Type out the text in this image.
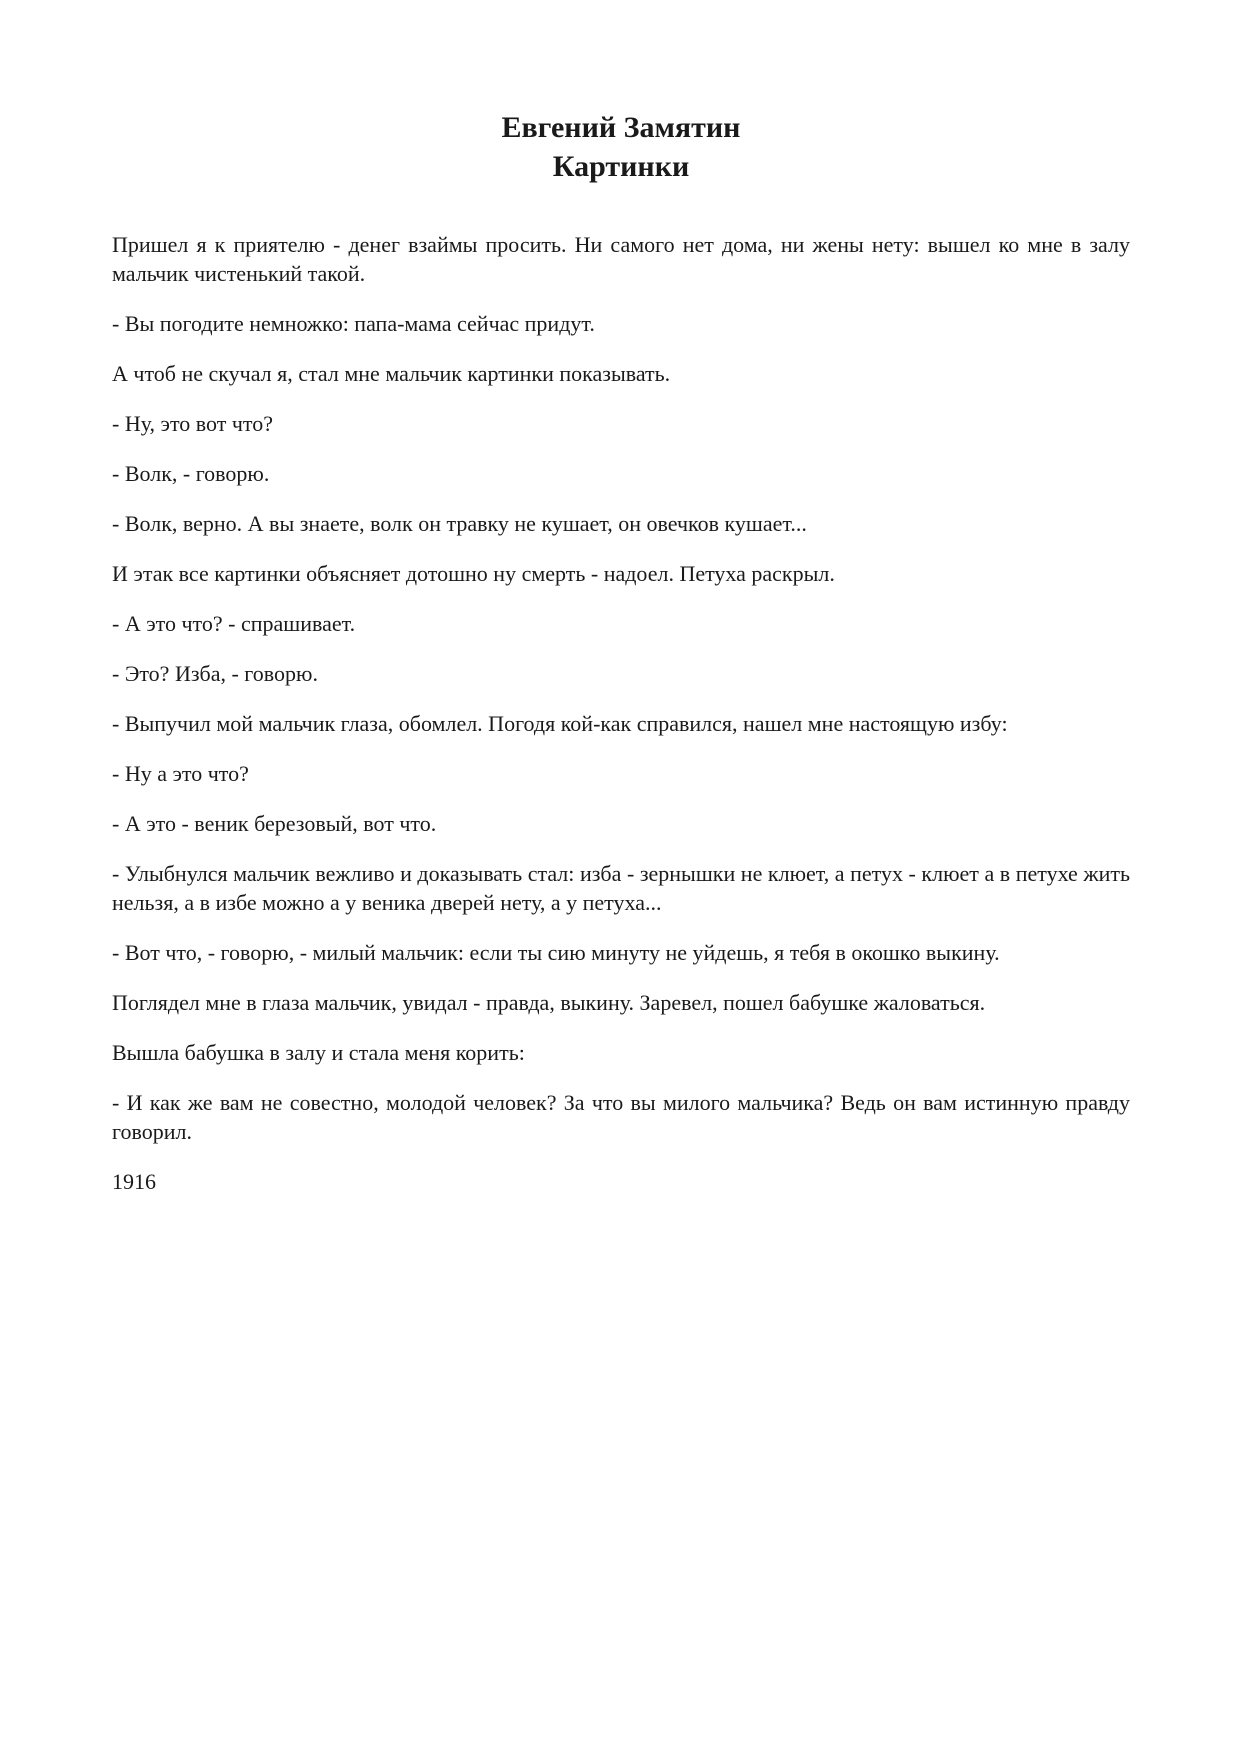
Евгений Замятин
Картинки

Пришел я к приятелю - денег взаймы просить. Ни самого нет дома, ни жены нету: вышел ко мне в залу мальчик чистенький такой.

- Вы погодите немножко: папа-мама сейчас придут.

А чтоб не скучал я, стал мне мальчик картинки показывать.

- Ну, это вот что?

- Волк, - говорю.

- Волк, верно. А вы знаете, волк он травку не кушает, он овечков кушает...

И этак все картинки объясняет дотошно ну смерть - надоел. Петуха раскрыл.

- А это что? - спрашивает.

- Это? Изба, - говорю.

- Выпучил мой мальчик глаза, обомлел. Погодя кой-как справился, нашел мне настоящую избу:

- Ну а это что?

- А это - веник березовый, вот что.

- Улыбнулся мальчик вежливо и доказывать стал: изба - зернышки не клюет, а петух - клюет а в петухе жить нельзя, а в избе можно а у веника дверей нету, а у петуха...

- Вот что, - говорю, - милый мальчик: если ты сию минуту не уйдешь, я тебя в окошко выкину.

Поглядел мне в глаза мальчик, увидал - правда, выкину. Заревел, пошел бабушке жаловаться.

Вышла бабушка в залу и стала меня корить:

- И как же вам не совестно, молодой человек? За что вы милого мальчика? Ведь он вам истинную правду говорил.

1916
